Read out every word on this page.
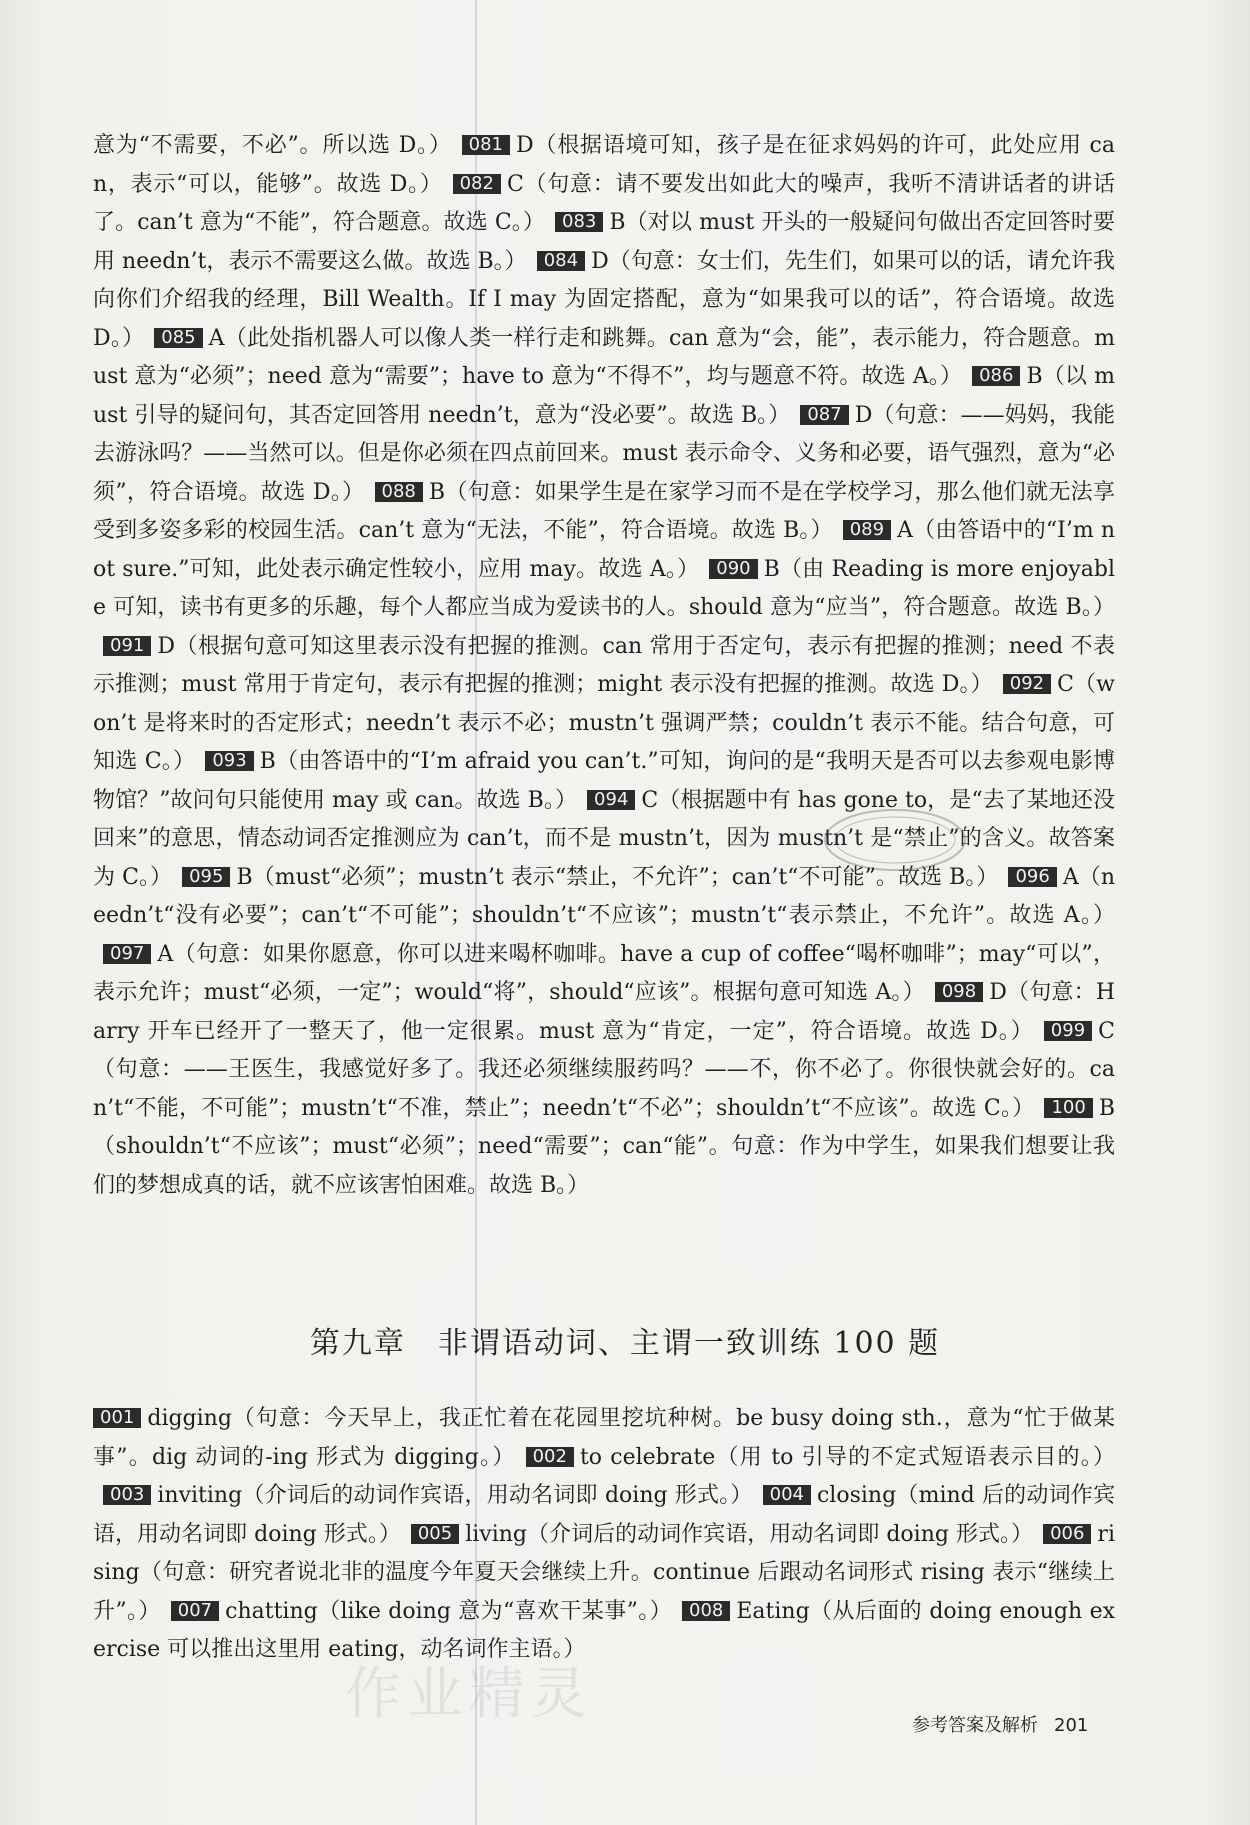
意为“不需要，不必”。所以选 D。） 081 D（根据语境可知，孩子是在征求妈妈的许可，此处应用 can，表示“可以，能够”。故选 D。） 082 C（句意：请不要发出如此大的噪声，我听不清讲话者的讲话了。can’t 意为“不能”，符合题意。故选 C。） 083 B（对以 must 开头的一般疑问句做出否定回答时要用 needn’t，表示不需要这么做。故选 B。） 084 D（句意：女士们，先生们，如果可以的话，请允许我向你们介绍我的经理，Bill Wealth。If I may 为固定搭配，意为“如果我可以的话”，符合语境。故选 D。） 085 A（此处指机器人可以像人类一样行走和跳舞。can 意为“会，能”，表示能力，符合题意。must 意为“必须”；need 意为“需要”；have to 意为“不得不”，均与题意不符。故选 A。） 086 B（以 must 引导的疑问句，其否定回答用 needn’t，意为“没必要”。故选 B。） 087 D（句意：——妈妈，我能去游泳吗？——当然可以。但是你必须在四点前回来。must 表示命令、义务和必要，语气强烈，意为“必须”，符合语境。故选 D。） 088 B（句意：如果学生是在家学习而不是在学校学习，那么他们就无法享受到多姿多彩的校园生活。can’t 意为“无法，不能”，符合语境。故选 B。） 089 A（由答语中的“I’m not sure.”可知，此处表示确定性较小，应用 may。故选 A。） 090 B（由 Reading is more enjoyable 可知，读书有更多的乐趣，每个人都应当成为爱读书的人。should 意为“应当”，符合题意。故选 B。）091 D（根据句意可知这里表示没有把握的推测。can 常用于否定句，表示有把握的推测；need 不表示推测；must 常用于肯定句，表示有把握的推测；might 表示没有把握的推测。故选 D。） 092 C（won’t 是将来时的否定形式；needn’t 表示不必；mustn’t 强调严禁；couldn’t 表示不能。结合句意，可知选 C。） 093 B（由答语中的“I’m afraid you can’t.”可知，询问的是“我明天是否可以去参观电影博物馆？”故问句只能使用 may 或 can。故选 B。） 094 C（根据题中有 has gone to，是“去了某地还没回来”的意思，情态动词否定推测应为 can’t，而不是 mustn’t，因为 mustn’t 是“禁止”的含义。故答案为 C。） 095 B（must“必须”；mustn’t 表示“禁止，不允许”；can’t“不可能”。故选 B。） 096 A（needn’t“没有必要”；can’t“不可能”；shouldn’t“不应该”；mustn’t“表示禁止，不允许”。故选 A。）097 A（句意：如果你愿意，你可以进来喝杯咖啡。have a cup of coffee“喝杯咖啡”；may“可以”，表示允许；must“必须，一定”；would“将”，should“应该”。根据句意可知选 A。） 098 D（句意：Harry 开车已经开了一整天了，他一定很累。must 意为“肯定，一定”，符合语境。故选 D。） 099 C（句意：——王医生，我感觉好多了。我还必须继续服药吗？——不，你不必了。你很快就会好的。can’t“不能，不可能”；mustn’t“不准，禁止”；needn’t“不必”；shouldn’t“不应该”。故选 C。） 100 B（shouldn’t“不应该”；must“必须”；need“需要”；can“能”。句意：作为中学生，如果我们想要让我们的梦想成真的话，就不应该害怕困难。故选 B。）
第九章　非谓语动词、主谓一致训练 100 题
001 digging（句意：今天早上，我正忙着在花园里挖坑种树。be busy doing sth.，意为“忙于做某事”。dig 动词的-ing 形式为 digging。） 002 to celebrate（用 to 引导的不定式短语表示目的。）003 inviting（介词后的动词作宾语，用动名词即 doing 形式。） 004 closing（mind 后的动词作宾语，用动名词即 doing 形式。） 005 living（介词后的动词作宾语，用动名词即 doing 形式。） 006 rising（句意：研究者说北非的温度今年夏天会继续上升。continue 后跟动名词形式 rising 表示“继续上升”。） 007 chatting（like doing 意为“喜欢干某事”。） 008 Eating（从后面的 doing enough exercise 可以推出这里用 eating，动名词作主语。）
作业精灵	参考答案及解析 201
